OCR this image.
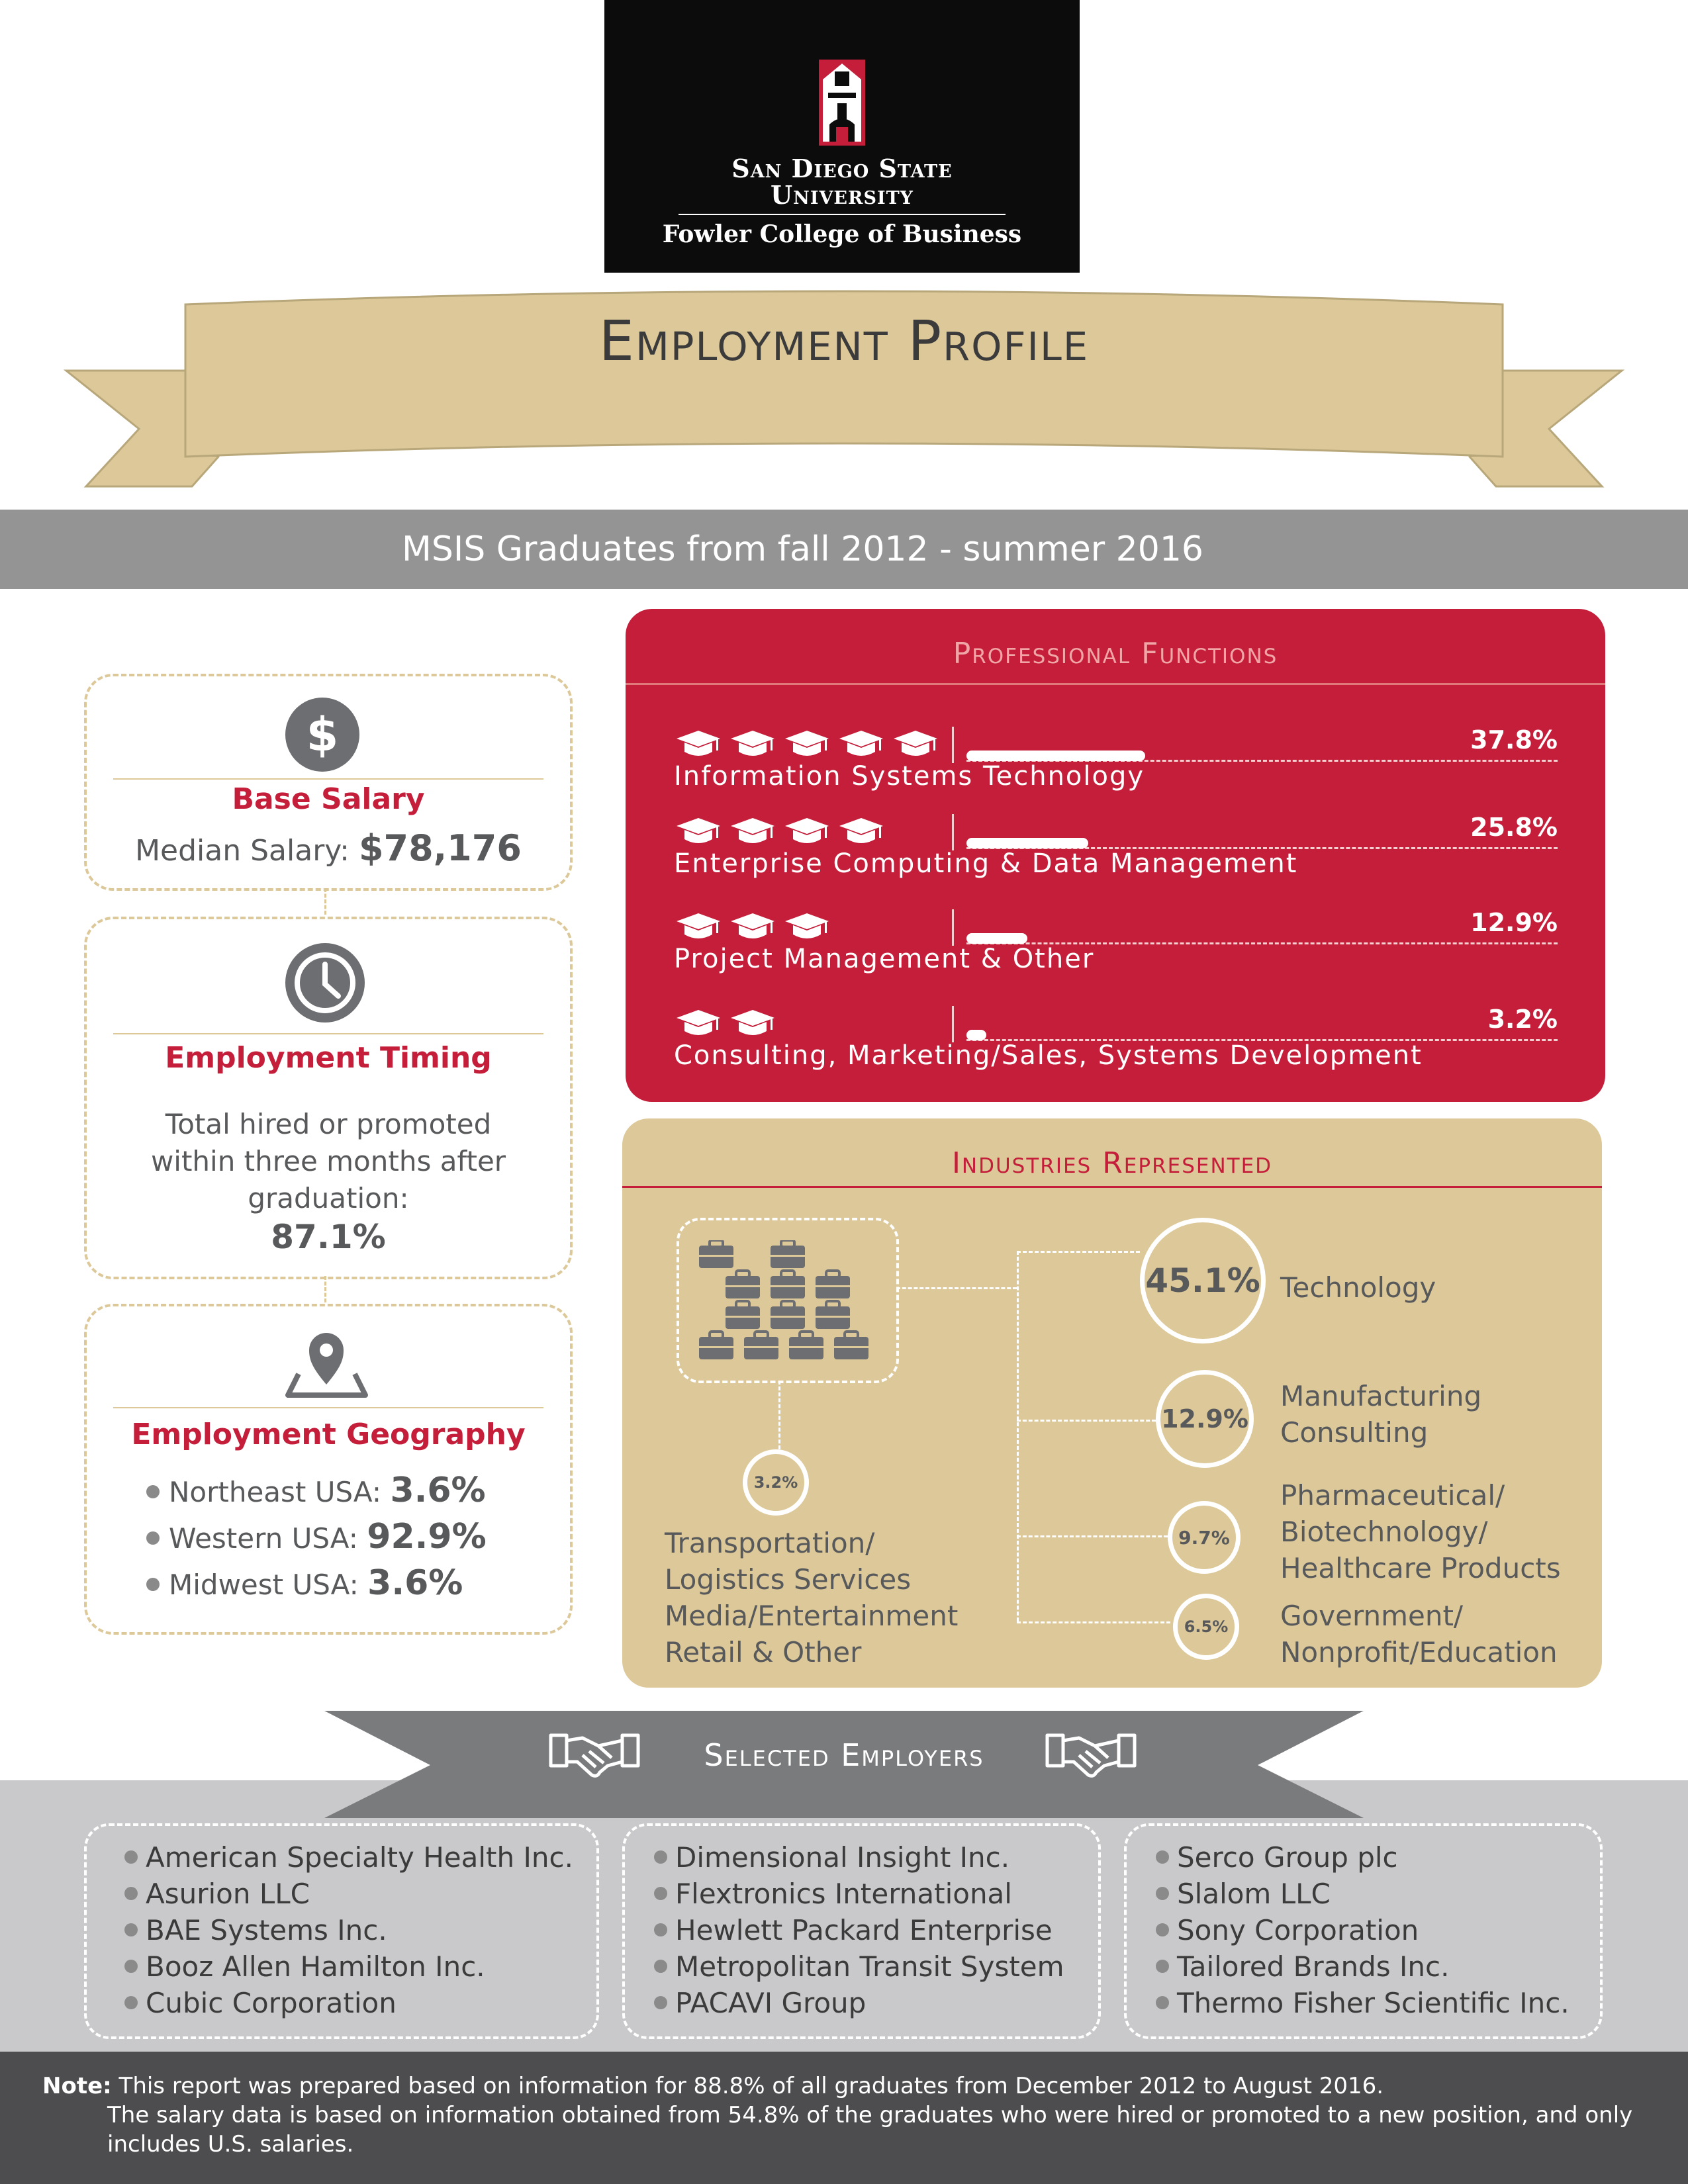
San Diego State
University
Fowler College of Business
Employment Profile
MSIS Graduates from fall 2012 - summer 2016
$
Base Salary
Median Salary: $78,176
Employment Timing
Total hired or promoted
within three months after
graduation:
87.1%
Employment Geography
Northeast USA: 3.6%
Western USA: 92.9%
Midwest USA: 3.6%
Professional Functions
37.8%
Information Systems Technology
25.8%
Enterprise Computing & Data Management
12.9%
Project Management & Other
3.2%
Consulting, Marketing/Sales, Systems Development
Industries Represented
45.1% Technology
12.9%
Manufacturing
Consulting
9.7%
Pharmaceutical/
Biotechnology/
Healthcare Products
6.5%	Government/
Nonprofit/Education
3.2%
Transportation/
Logistics Services
Media/Entertainment
Retail & Other
Selected Employers
American Specialty Health Inc.
Asurion LLC
BAE Systems Inc.
Booz Allen Hamilton Inc.
Cubic Corporation
Dimensional Insight Inc.
Flextronics International
Hewlett Packard Enterprise
Metropolitan Transit System
PACAVI Group
Serco Group plc
Slalom LLC
Sony Corporation
Tailored Brands Inc.
Thermo Fisher Scientific Inc.
Note: This report was prepared based on information for 88.8% of all graduates from December 2012 to August 2016.
The salary data is based on information obtained from 54.8% of the graduates who were hired or promoted to a new position, and only
includes U.S. salaries.
